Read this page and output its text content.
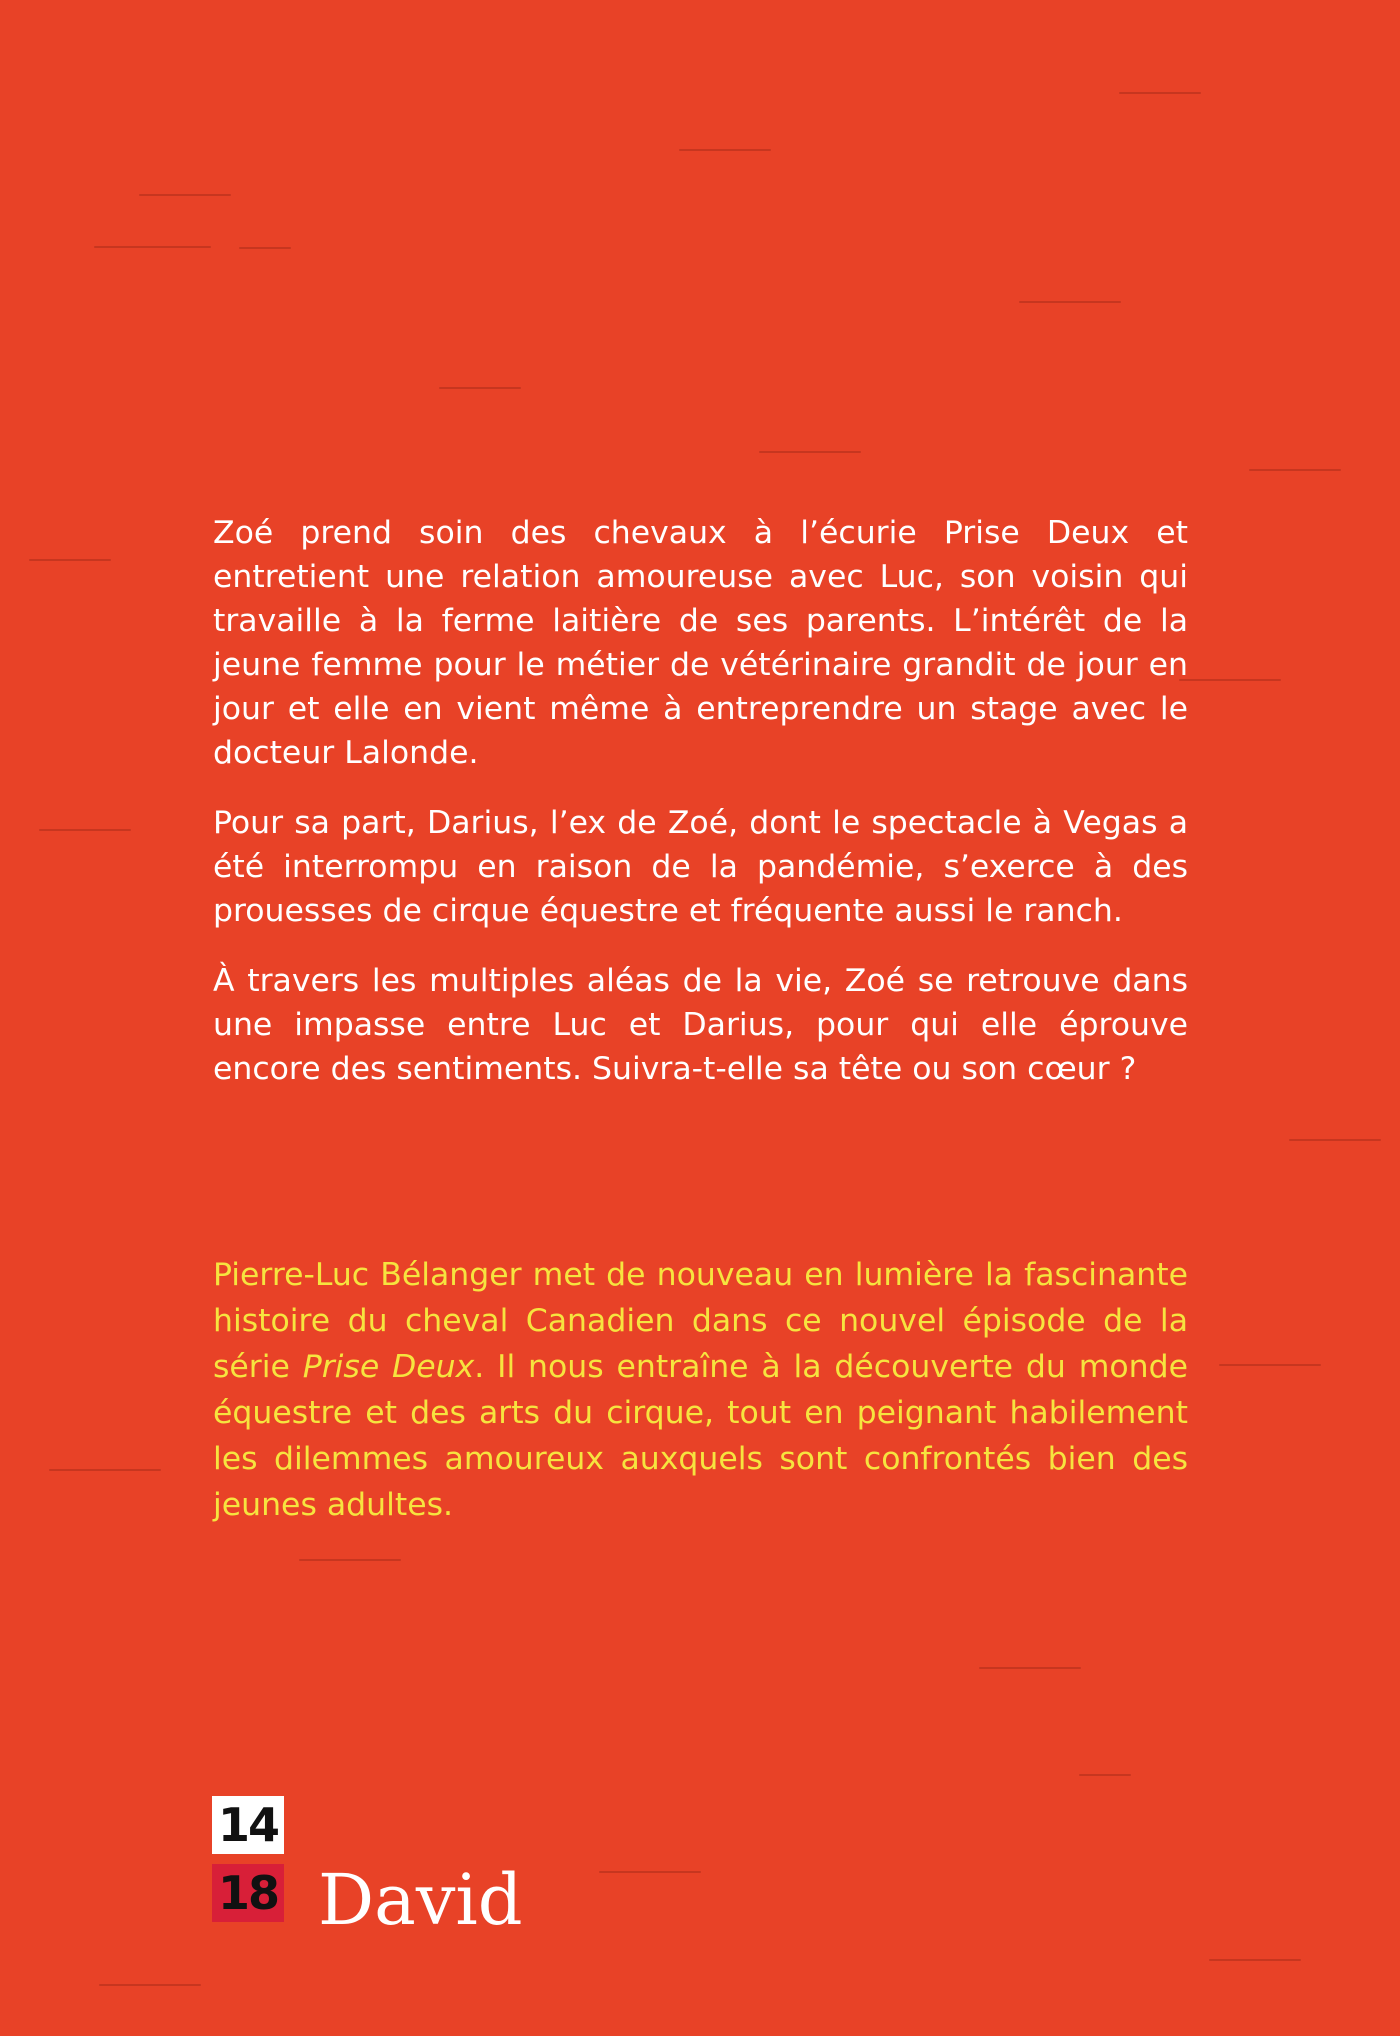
Zoé prend soin des chevaux à l’écurie Prise Deux et entretient une relation amoureuse avec Luc, son voisin qui travaille à la ferme laitière de ses parents. L’intérêt de la jeune femme pour le métier de vétérinaire grandit de jour en jour et elle en vient même à entreprendre un stage avec le docteur Lalonde.

Pour sa part, Darius, l’ex de Zoé, dont le spectacle à Vegas a été interrompu en raison de la pandémie, s’exerce à des prouesses de cirque équestre et fréquente aussi le ranch.

À travers les multiples aléas de la vie, Zoé se retrouve dans une impasse entre Luc et Darius, pour qui elle éprouve encore des sentiments. Suivra-t-elle sa tête ou son cœur ?

Pierre-Luc Bélanger met de nouveau en lumière la fascinante histoire du cheval Canadien dans ce nouvel épisode de la série Prise Deux. Il nous entraîne à la découverte du monde équestre et des arts du cirque, tout en peignant habilement les dilemmes amoureux auxquels sont confrontés bien des jeunes adultes.

14
18 David
